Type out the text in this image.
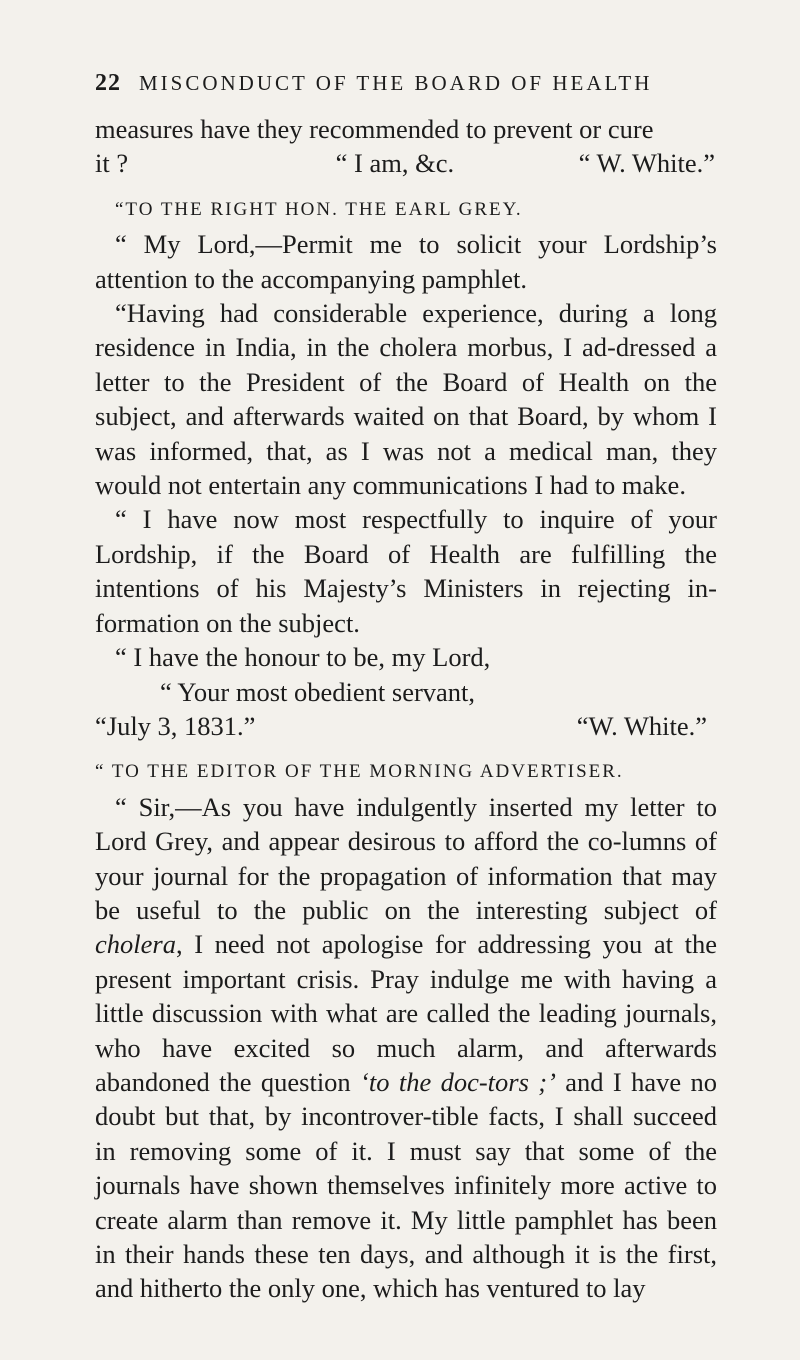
22 MISCONDUCT OF THE BOARD OF HEALTH

measures have they recommended to prevent or cure

it ?	“ I am, &c.	“ W. White.”

“TO THE RIGHT HON. THE EARL GREY.

“ My Lord,—Permit me to solicit your Lordship’s attention to the accompanying pamphlet.

“Having had considerable experience, during a long residence in India, in the cholera morbus, I ad-dressed a letter to the President of the Board of Health on the subject, and afterwards waited on that Board, by whom I was informed, that, as I was not a medical man, they would not entertain any communications I had to make.

“ I have now most respectfully to inquire of your Lordship, if the Board of Health are fulfilling the intentions of his Majesty’s Ministers in rejecting in-formation on the subject.

“ I have the honour to be, my Lord,

“ Your most obedient servant,

“July 3, 1831.”	“W. White.”

“ TO THE EDITOR OF THE MORNING ADVERTISER.

“ Sir,—As you have indulgently inserted my letter to Lord Grey, and appear desirous to afford the co-lumns of your journal for the propagation of information that may be useful to the public on the interesting subject of cholera, I need not apologise for addressing you at the present important crisis. Pray indulge me with having a little discussion with what are called the leading journals, who have excited so much alarm, and afterwards abandoned the question ‘to the doc-tors ;’ and I have no doubt but that, by incontrover-tible facts, I shall succeed in removing some of it. I must say that some of the journals have shown themselves infinitely more active to create alarm than remove it. My little pamphlet has been in their hands these ten days, and although it is the first, and hitherto the only one, which has ventured to lay
